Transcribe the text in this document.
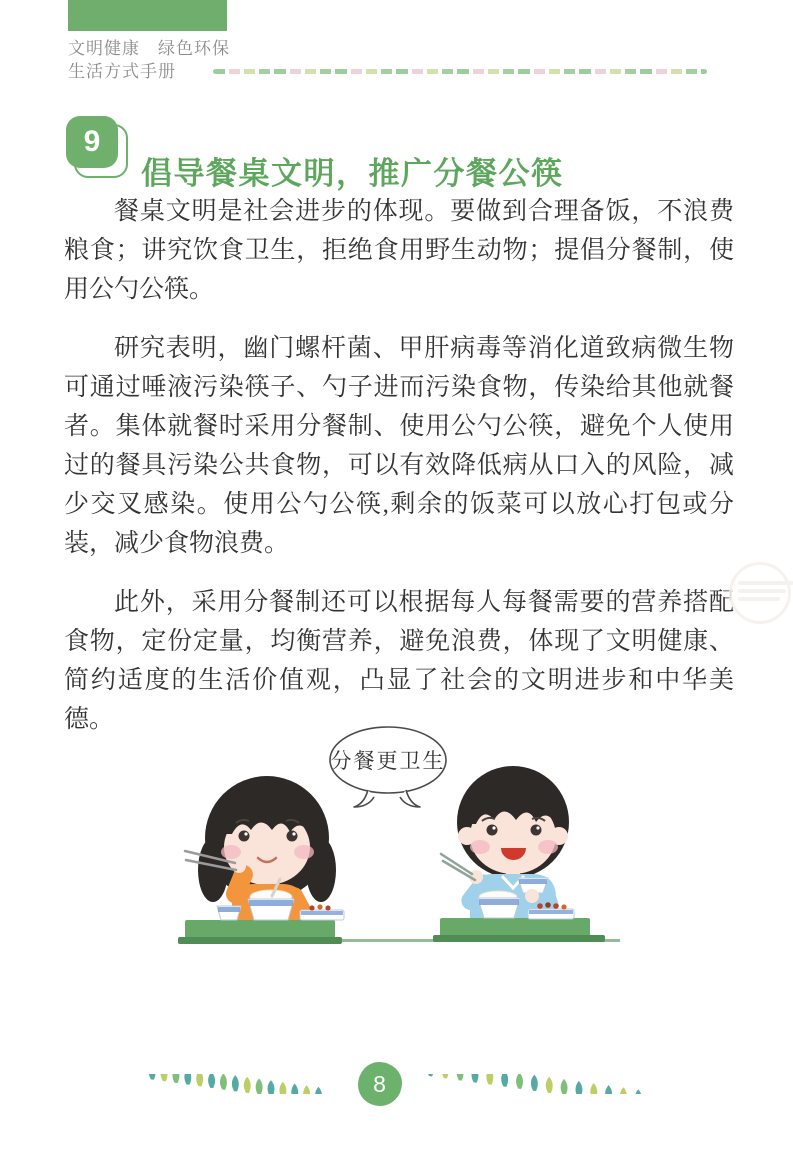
文明健康　绿色环保
生活方式手册
9
倡导餐桌文明，推广分餐公筷

餐桌文明是社会进步的体现。要做到合理备饭，不浪费粮食；讲究饮食卫生，拒绝食用野生动物；提倡分餐制，使用公勺公筷。

研究表明，幽门螺杆菌、甲肝病毒等消化道致病微生物可通过唾液污染筷子、勺子进而污染食物，传染给其他就餐者。集体就餐时采用分餐制、使用公勺公筷，避免个人使用过的餐具污染公共食物，可以有效降低病从口入的风险，减少交叉感染。使用公勺公筷,剩余的饭菜可以放心打包或分装，减少食物浪费。

此外，采用分餐制还可以根据每人每餐需要的营养搭配食物，定份定量，均衡营养，避免浪费，体现了文明健康、简约适度的生活价值观，凸显了社会的文明进步和中华美德。

分餐更卫生
8
